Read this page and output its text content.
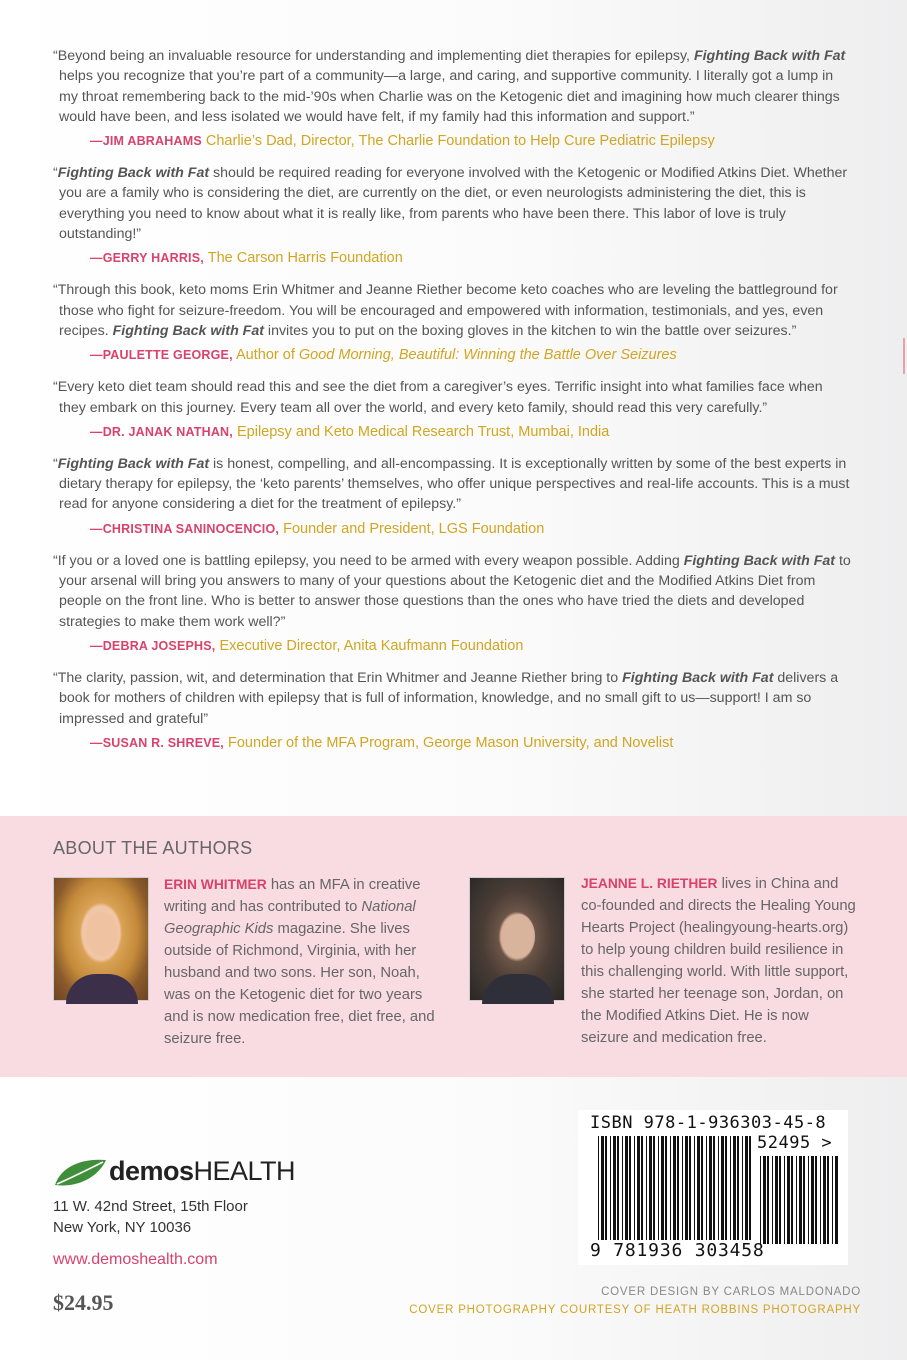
“Beyond being an invaluable resource for understanding and implementing diet therapies for epilepsy, Fighting Back with Fat helps you recognize that you’re part of a community—a large, and caring, and supportive community. I literally got a lump in my throat remembering back to the mid-’90s when Charlie was on the Ketogenic diet and imagining how much clearer things would have been, and less isolated we would have felt, if my family had this information and support.”
—JIM ABRAHAMS Charlie’s Dad, Director, The Charlie Foundation to Help Cure Pediatric Epilepsy
“Fighting Back with Fat should be required reading for everyone involved with the Ketogenic or Modified Atkins Diet. Whether you are a family who is considering the diet, are currently on the diet, or even neurologists administering the diet, this is everything you need to know about what it is really like, from parents who have been there. This labor of love is truly outstanding!”
—GERRY HARRIS, The Carson Harris Foundation
“Through this book, keto moms Erin Whitmer and Jeanne Riether become keto coaches who are leveling the battleground for those who fight for seizure-freedom. You will be encouraged and empowered with information, testimonials, and yes, even recipes. Fighting Back with Fat invites you to put on the boxing gloves in the kitchen to win the battle over seizures.”
—PAULETTE GEORGE, Author of Good Morning, Beautiful: Winning the Battle Over Seizures
“Every keto diet team should read this and see the diet from a caregiver’s eyes. Terrific insight into what families face when they embark on this journey. Every team all over the world, and every keto family, should read this very carefully.”
—DR. JANAK NATHAN, Epilepsy and Keto Medical Research Trust, Mumbai, India
“Fighting Back with Fat is honest, compelling, and all-encompassing. It is exceptionally written by some of the best experts in dietary therapy for epilepsy, the ‘keto parents’ themselves, who offer unique perspectives and real-life accounts. This is a must read for anyone considering a diet for the treatment of epilepsy.”
—CHRISTINA SANINOCENCIO, Founder and President, LGS Foundation
“If you or a loved one is battling epilepsy, you need to be armed with every weapon possible. Adding Fighting Back with Fat to your arsenal will bring you answers to many of your questions about the Ketogenic diet and the Modified Atkins Diet from people on the front line. Who is better to answer those questions than the ones who have tried the diets and developed strategies to make them work well?”
—DEBRA JOSEPHS, Executive Director, Anita Kaufmann Foundation
“The clarity, passion, wit, and determination that Erin Whitmer and Jeanne Riether bring to Fighting Back with Fat delivers a book for mothers of children with epilepsy that is full of information, knowledge, and no small gift to us—support! I am so impressed and grateful”
—SUSAN R. SHREVE, Founder of the MFA Program, George Mason University, and Novelist
ABOUT THE AUTHORS
ERIN WHITMER has an MFA in creative writing and has contributed to National Geographic Kids magazine. She lives outside of Richmond, Virginia, with her husband and two sons. Her son, Noah, was on the Ketogenic diet for two years and is now medication free, diet free, and seizure free.
JEANNE L. RIETHER lives in China and co-founded and directs the Healing Young Hearts Project (healingyoung-hearts.org) to help young children build resilience in this challenging world. With little support, she started her teenage son, Jordan, on the Modified Atkins Diet. He is now seizure and medication free.
demosHEALTH
11 W. 42nd Street, 15th Floor
New York, NY 10036
www.demoshealth.com
$24.95
ISBN 978-1-936303-45-8
52495 >
9 781936 303458
COVER DESIGN BY CARLOS MALDONADO
COVER PHOTOGRAPHY COURTESY OF HEATH ROBBINS PHOTOGRAPHY
